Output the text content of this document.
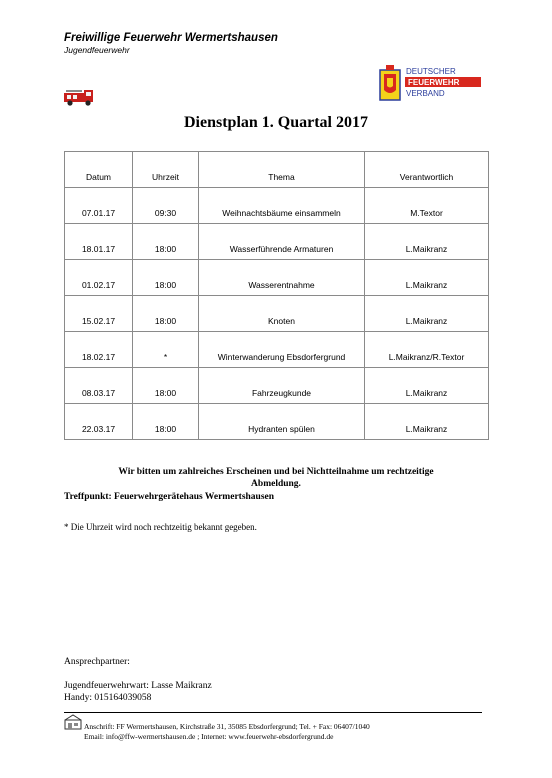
Freiwillige Feuerwehr Wermertshausen
Jugendfeuerwehr
DEUTSCHER
FEUERWEHR
VERBAND
Dienstplan 1. Quartal 2017
Datum	Uhrzeit	Thema	Verantwortlich
07.01.17	09:30	Weihnachtsbäume einsammeln	M.Textor
18.01.17	18:00	Wasserführende Armaturen	L.Maikranz
01.02.17	18:00	Wasserentnahme	L.Maikranz
15.02.17	18:00	Knoten	L.Maikranz
18.02.17	*	Winterwanderung Ebsdorfergrund	L.Maikranz/R.Textor
08.03.17	18:00	Fahrzeugkunde	L.Maikranz
22.03.17	18:00	Hydranten spülen	L.Maikranz
Wir bitten um zahlreiches Erscheinen und bei Nichtteilnahme um rechtzeitige
Abmeldung.
Treffpunkt: Feuerwehrgerätehaus Wermertshausen
* Die Uhrzeit wird noch rechtzeitig bekannt gegeben.
Ansprechpartner:
Jugendfeuerwehrwart: Lasse Maikranz
Handy: 015164039058
Anschrift: FF Wermertshausen, Kirchstraße 31, 35085 Ebsdorfergrund; Tel. + Fax: 06407/1040
Email: info@ffw-wermertshausen.de ; Internet: www.feuerwehr-ebsdorfergrund.de
